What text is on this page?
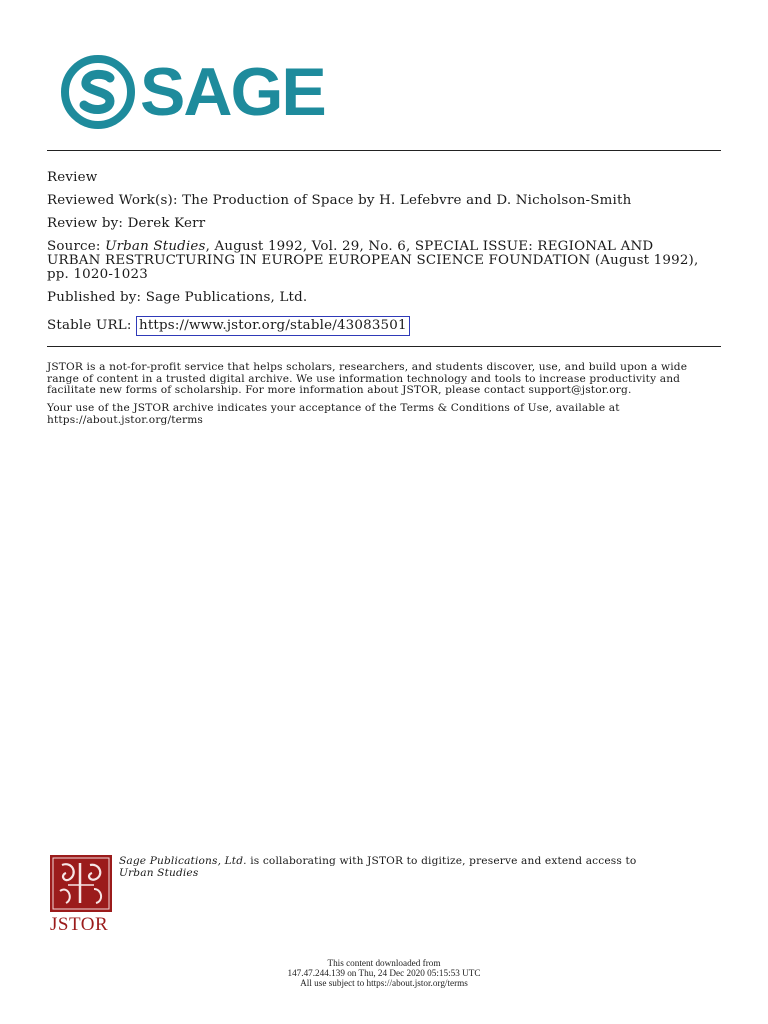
SAGE
Review
Reviewed Work(s): The Production of Space by H. Lefebvre and D. Nicholson-Smith
Review by: Derek Kerr
Source: Urban Studies, August 1992, Vol. 29, No. 6, SPECIAL ISSUE: REGIONAL AND
URBAN RESTRUCTURING IN EUROPE EUROPEAN SCIENCE FOUNDATION (August 1992),
pp. 1020-1023
Published by: Sage Publications, Ltd.
Stable URL: https://www.jstor.org/stable/43083501
JSTOR is a not-for-profit service that helps scholars, researchers, and students discover, use, and build upon a wide
range of content in a trusted digital archive. We use information technology and tools to increase productivity and
facilitate new forms of scholarship. For more information about JSTOR, please contact support@jstor.org.
Your use of the JSTOR archive indicates your acceptance of the Terms & Conditions of Use, available at
https://about.jstor.org/terms
JSTOR
Sage Publications, Ltd. is collaborating with JSTOR to digitize, preserve and extend access to
Urban Studies
This content downloaded from
147.47.244.139 on Thu, 24 Dec 2020 05:15:53 UTC
All use subject to https://about.jstor.org/terms
